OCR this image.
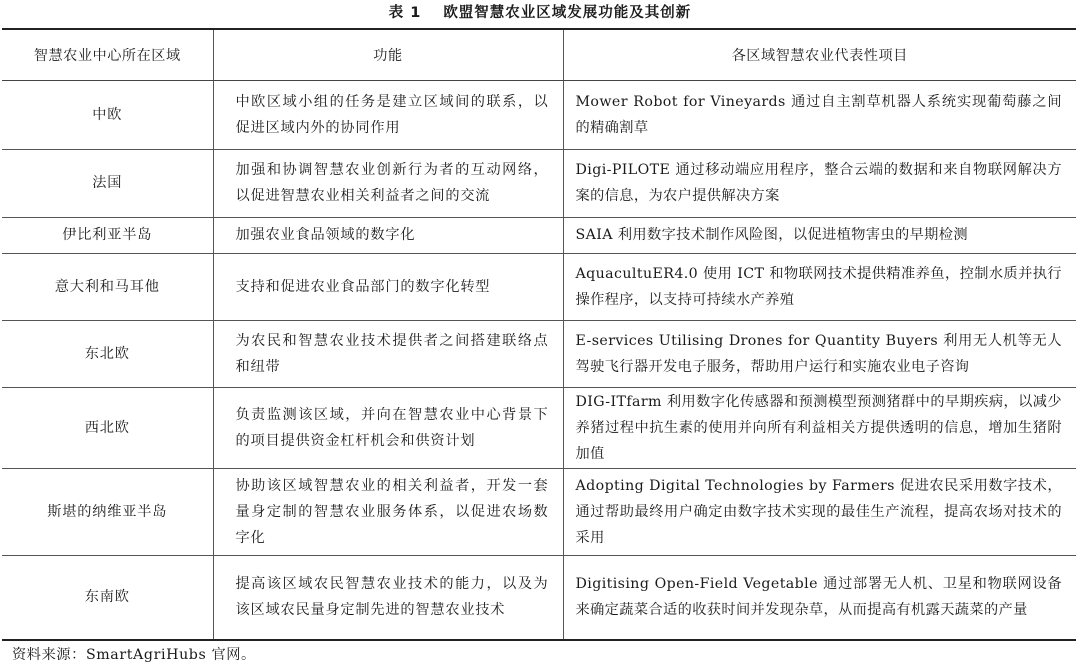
表 1 欧盟智慧农业区域发展功能及其创新
智慧农业中心所在区域	功能	各区域智慧农业代表性项目
中欧	中欧区域小组的任务是建立区域间的联系，以促进区域内外的协同作用	Mower Robot for Vineyards 通过自主割草机器人系统实现葡萄藤之间的精确割草
法国	加强和协调智慧农业创新行为者的互动网络，以促进智慧农业相关利益者之间的交流	Digi-PILOTE 通过移动端应用程序，整合云端的数据和来自物联网解决方案的信息，为农户提供解决方案
伊比利亚半岛	加强农业食品领域的数字化	SAIA 利用数字技术制作风险图，以促进植物害虫的早期检测
意大利和马耳他	支持和促进农业食品部门的数字化转型	AquacultuER4.0 使用 ICT 和物联网技术提供精准养鱼，控制水质并执行操作程序，以支持可持续水产养殖
东北欧	为农民和智慧农业技术提供者之间搭建联络点和纽带	E-services Utilising Drones for Quantity Buyers 利用无人机等无人驾驶飞行器开发电子服务，帮助用户运行和实施农业电子咨询
西北欧	负责监测该区域，并向在智慧农业中心背景下的项目提供资金杠杆机会和供资计划	DIG-ITfarm 利用数字化传感器和预测模型预测猪群中的早期疾病，以减少养猪过程中抗生素的使用并向所有利益相关方提供透明的信息，增加生猪附加值
斯堪的纳维亚半岛	协助该区域智慧农业的相关利益者，开发一套量身定制的智慧农业服务体系，以促进农场数字化	Adopting Digital Technologies by Farmers 促进农民采用数字技术，通过帮助最终用户确定由数字技术实现的最佳生产流程，提高农场对技术的采用
东南欧	提高该区域农民智慧农业技术的能力，以及为该区域农民量身定制先进的智慧农业技术	Digitising Open-Field Vegetable 通过部署无人机、卫星和物联网设备来确定蔬菜合适的收获时间并发现杂草，从而提高有机露天蔬菜的产量
资料来源：SmartAgriHubs 官网。
